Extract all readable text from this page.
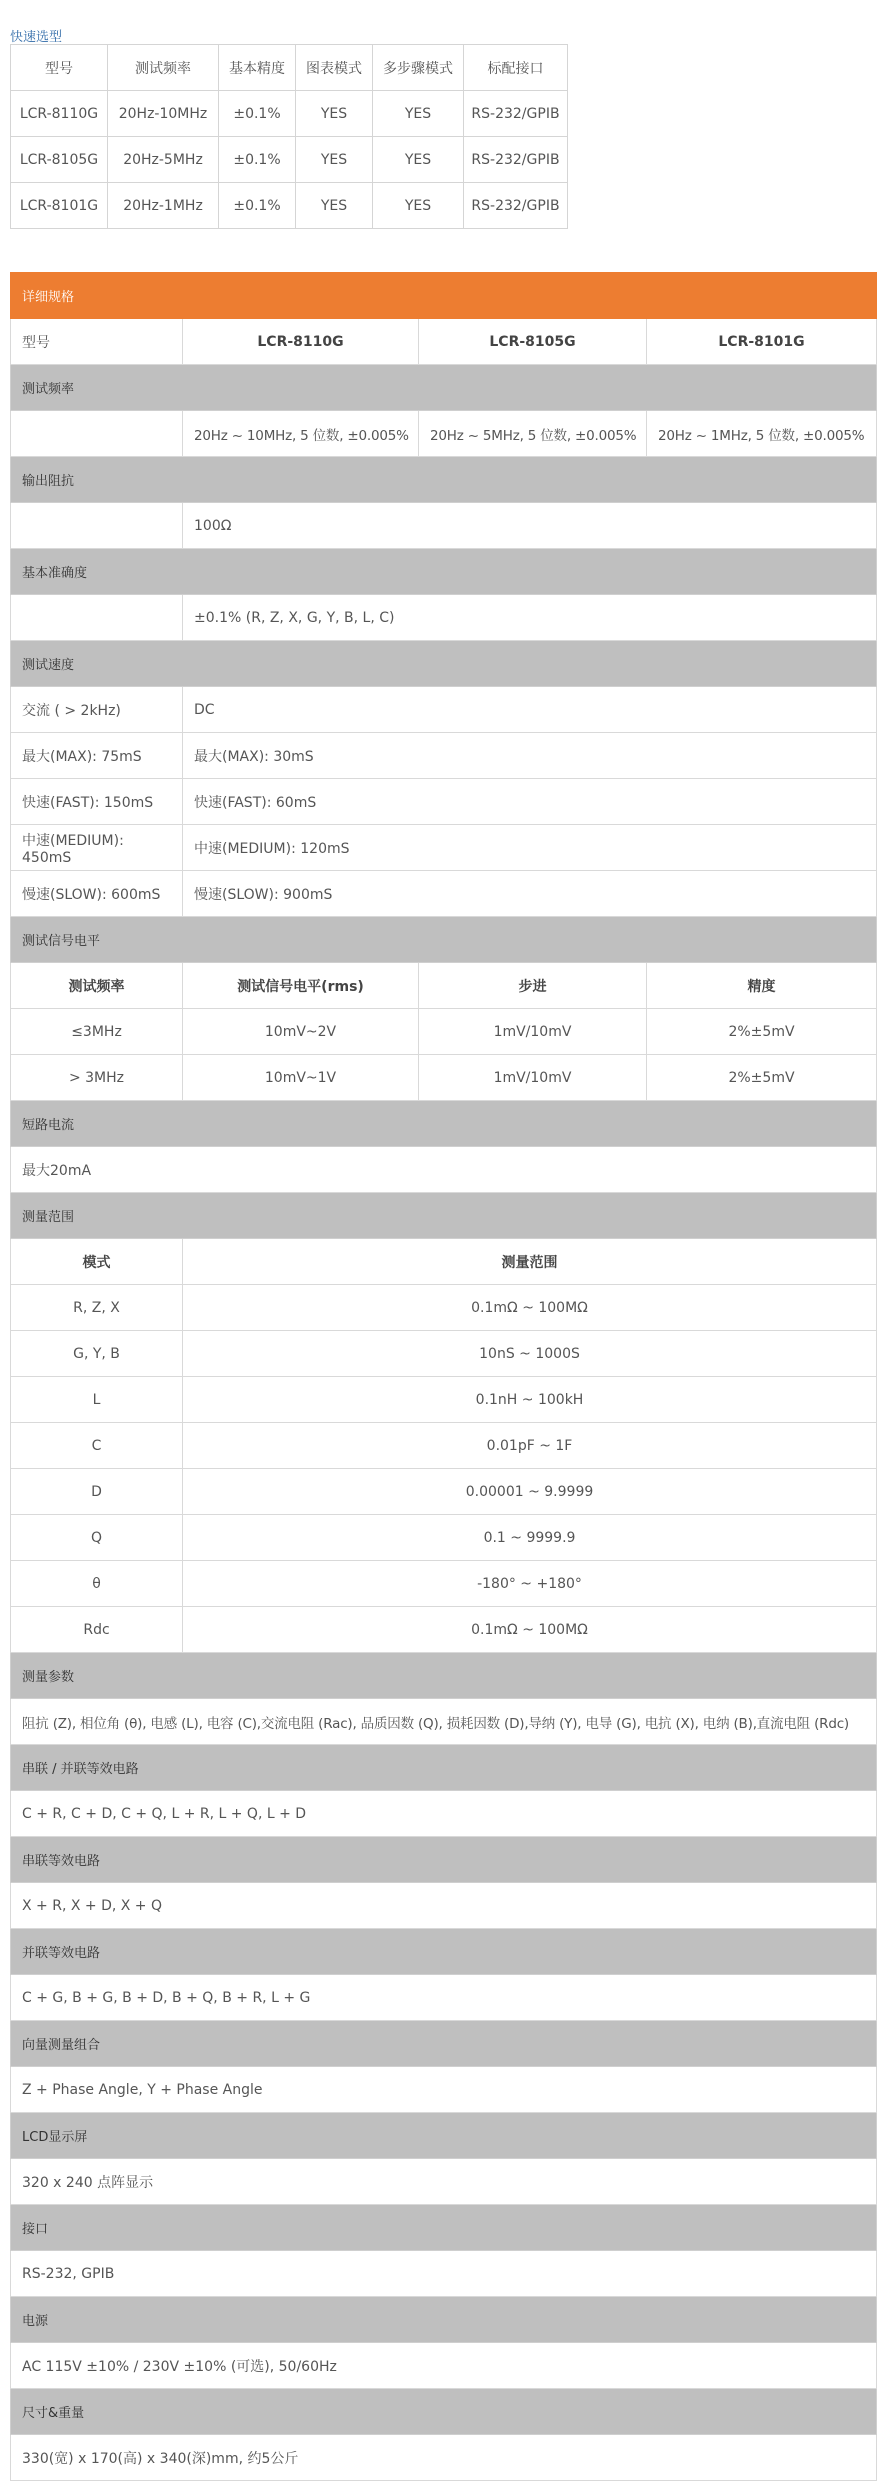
快速选型
型号	测试频率	基本精度	图表模式	多步骤模式	标配接口
LCR-8110G	20Hz-10MHz	±0.1%	YES	YES	RS-232/GPIB
LCR-8105G	20Hz-5MHz	±0.1%	YES	YES	RS-232/GPIB
LCR-8101G	20Hz-1MHz	±0.1%	YES	YES	RS-232/GPIB
详细规格			
型号	LCR-8110G	LCR-8105G	LCR-8101G
测试频率			
	20Hz ~ 10MHz, 5 位数, ±0.005%	20Hz ~ 5MHz, 5 位数, ±0.005%	20Hz ~ 1MHz, 5 位数, ±0.005%
输出阻抗			
	100Ω		
基本准确度			
	±0.1% (R, Z, X, G, Y, B, L, C)		
测试速度			
交流 ( > 2kHz)	DC		
最大(MAX): 75mS	最大(MAX): 30mS		
快速(FAST): 150mS	快速(FAST): 60mS		
中速(MEDIUM): 450mS	中速(MEDIUM): 120mS		
慢速(SLOW): 600mS	慢速(SLOW): 900mS		
测试信号电平			
测试频率	测试信号电平(rms)	步进	精度
≤3MHz	10mV~2V	1mV/10mV	2%±5mV
> 3MHz	10mV~1V	1mV/10mV	2%±5mV
短路电流			
最大20mA			
测量范围			
模式	测量范围		
R, Z, X	0.1mΩ ~ 100MΩ		
G, Y, B	10nS ~ 1000S		
L	0.1nH ~ 100kH		
C	0.01pF ~ 1F		
D	0.00001 ~ 9.9999		
Q	0.1 ~ 9999.9		
θ	-180° ~ +180°		
Rdc	0.1mΩ ~ 100MΩ		
测量参数			
阻抗 (Z), 相位角 (θ), 电感 (L), 电容 (C),交流电阻 (Rac), 品质因数 (Q), 损耗因数 (D),导纳 (Y), 电导 (G), 电抗 (X), 电纳 (B),直流电阻 (Rdc)			
串联 / 并联等效电路			
C + R, C + D, C + Q, L + R, L + Q, L + D			
串联等效电路			
X + R, X + D, X + Q			
并联等效电路			
C + G, B + G, B + D, B + Q, B + R, L + G			
向量测量组合			
Z + Phase Angle, Y + Phase Angle			
LCD显示屏			
320 x 240 点阵显示			
接口			
RS-232, GPIB			
电源			
AC 115V ±10% / 230V ±10% (可选), 50/60Hz			
尺寸&重量			
330(宽) x 170(高) x 340(深)mm, 约5公斤			
